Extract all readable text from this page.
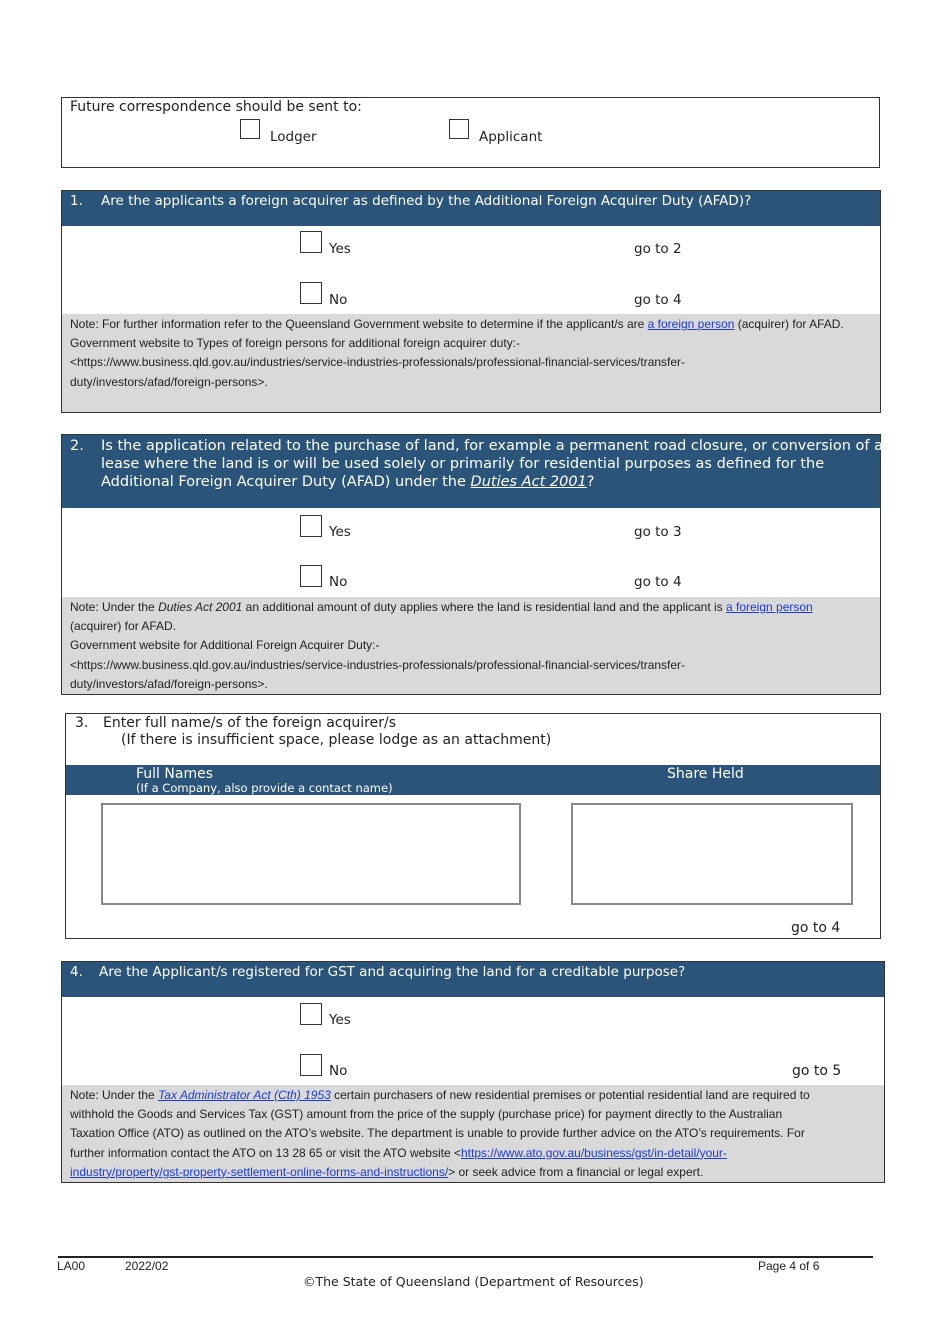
Future correspondence should be sent to:
Lodger	Applicant
1. Are the applicants a foreign acquirer as defined by the Additional Foreign Acquirer Duty (AFAD)?
Yes	go to 2
No	go to 4
Note: For further information refer to the Queensland Government website to determine if the applicant/s are a foreign person (acquirer) for AFAD.
Government website to Types of foreign persons for additional foreign acquirer duty:-
<https://www.business.qld.gov.au/industries/service-industries-professionals/professional-financial-services/transfer-
duty/investors/afad/foreign-persons>.
2. Is the application related to the purchase of land, for example a permanent road closure, or conversion of a
lease where the land is or will be used solely or primarily for residential purposes as defined for the
Additional Foreign Acquirer Duty (AFAD) under the Duties Act 2001?
Yes	go to 3
No	go to 4
Note: Under the Duties Act 2001 an additional amount of duty applies where the land is residential land and the applicant is a foreign person
(acquirer) for AFAD.
Government website for Additional Foreign Acquirer Duty:-
<https://www.business.qld.gov.au/industries/service-industries-professionals/professional-financial-services/transfer-
duty/investors/afad/foreign-persons>.
3. Enter full name/s of the foreign acquirer/s
(If there is insufficient space, please lodge as an attachment)
Full Names
(If a Company, also provide a contact name)
Share Held
go to 4
4. Are the Applicant/s registered for GST and acquiring the land for a creditable purpose?
Yes
No	go to 5
Note: Under the Tax Administrator Act (Cth) 1953 certain purchasers of new residential premises or potential residential land are required to
withhold the Goods and Services Tax (GST) amount from the price of the supply (purchase price) for payment directly to the Australian
Taxation Office (ATO) as outlined on the ATO’s website. The department is unable to provide further advice on the ATO’s requirements. For
further information contact the ATO on 13 28 65 or visit the ATO website <https://www.ato.gov.au/business/gst/in-detail/your-
industry/property/gst-property-settlement-online-forms-and-instructions/> or seek advice from a financial or legal expert.
LA00	2022/02	Page 4 of 6
©The State of Queensland (Department of Resources)
